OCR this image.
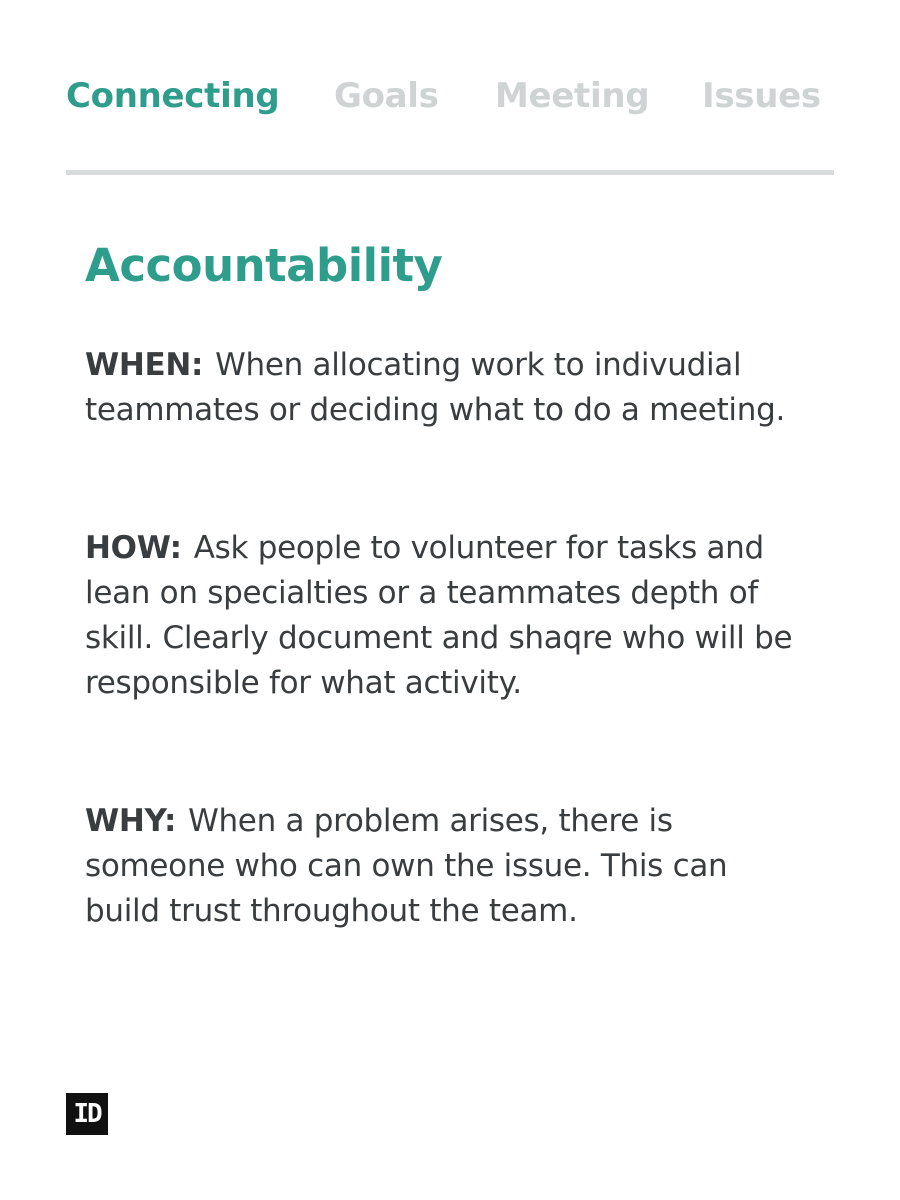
Connecting Goals Meeting Issues
Accountability
WHEN: When allocating work to indivudial teammates or deciding what to do a meeting.
HOW: Ask people to volunteer for tasks and lean on specialties or a teammates depth of skill. Clearly document and shaqre who will be responsible for what activity.
WHY: When a problem arises, there is someone who can own the issue. This can build trust throughout the team.
ID
